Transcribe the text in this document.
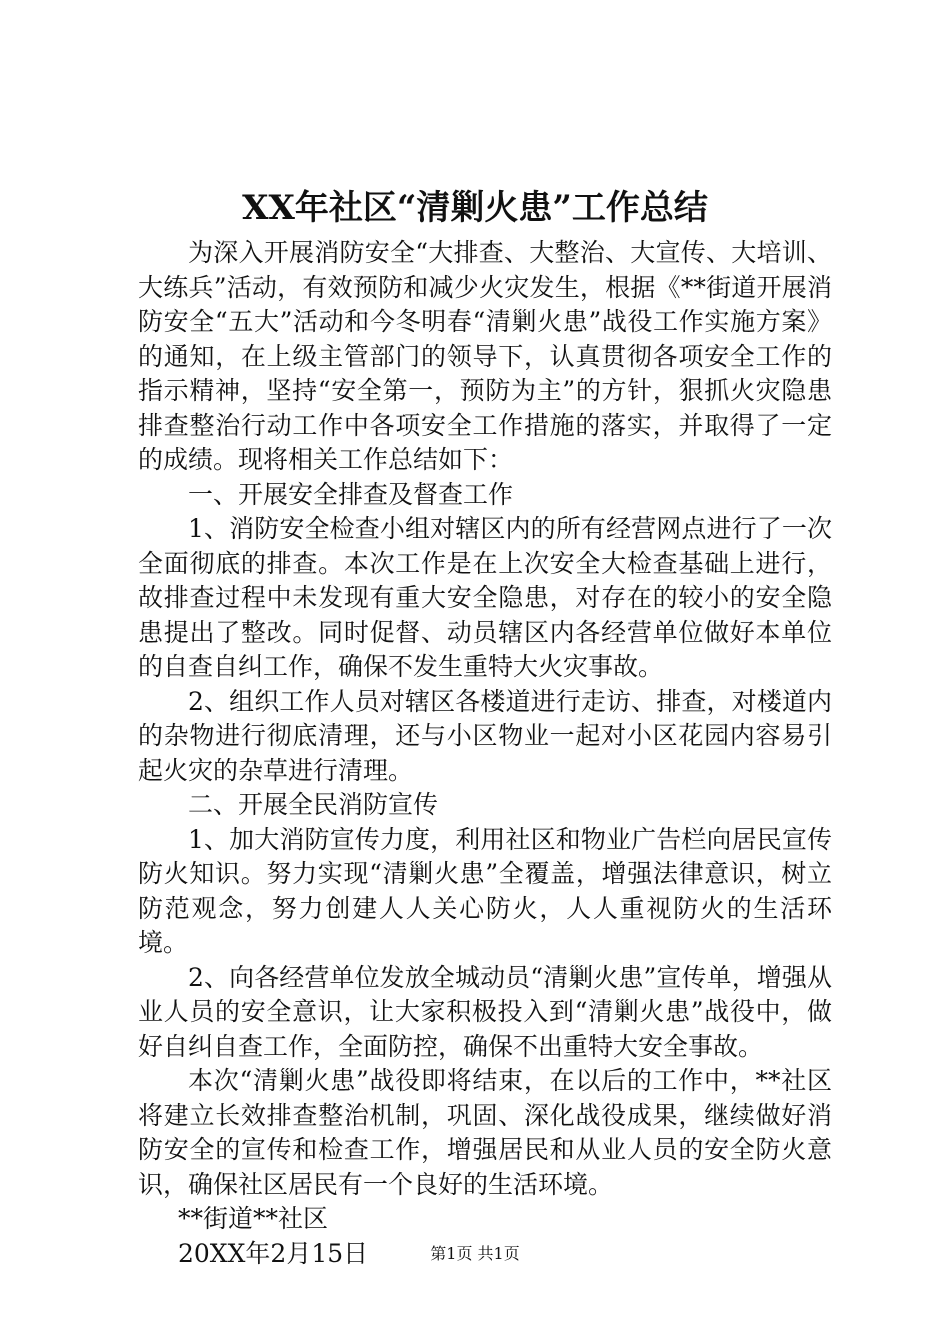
XX年社区“清剿火患”工作总结

为深入开展消防安全“大排查、大整治、大宣传、大培训、大练兵”活动，有效预防和减少火灾发生，根据《**街道开展消防安全“五大”活动和今冬明春“清剿火患”战役工作实施方案》的通知，在上级主管部门的领导下，认真贯彻各项安全工作的指示精神，坚持“安全第一，预防为主”的方针，狠抓火灾隐患排查整治行动工作中各项安全工作措施的落实，并取得了一定的成绩。现将相关工作总结如下：

一、开展安全排查及督查工作

1、消防安全检查小组对辖区内的所有经营网点进行了一次全面彻底的排查。本次工作是在上次安全大检查基础上进行，故排查过程中未发现有重大安全隐患，对存在的较小的安全隐患提出了整改。同时促督、动员辖区内各经营单位做好本单位的自查自纠工作，确保不发生重特大火灾事故。

2、组织工作人员对辖区各楼道进行走访、排查，对楼道内的杂物进行彻底清理，还与小区物业一起对小区花园内容易引起火灾的杂草进行清理。

二、开展全民消防宣传

1、加大消防宣传力度，利用社区和物业广告栏向居民宣传防火知识。努力实现“清剿火患”全覆盖，增强法律意识，树立防范观念，努力创建人人关心防火，人人重视防火的生活环境。

2、向各经营单位发放全城动员“清剿火患”宣传单，增强从业人员的安全意识，让大家积极投入到“清剿火患”战役中，做好自纠自查工作，全面防控，确保不出重特大安全事故。

本次“清剿火患”战役即将结束，在以后的工作中，**社区将建立长效排查整治机制，巩固、深化战役成果，继续做好消防安全的宣传和检查工作，增强居民和从业人员的安全防火意识，确保社区居民有一个良好的生活环境。

**街道**社区

20XX年2月15日	第1页 共1页
